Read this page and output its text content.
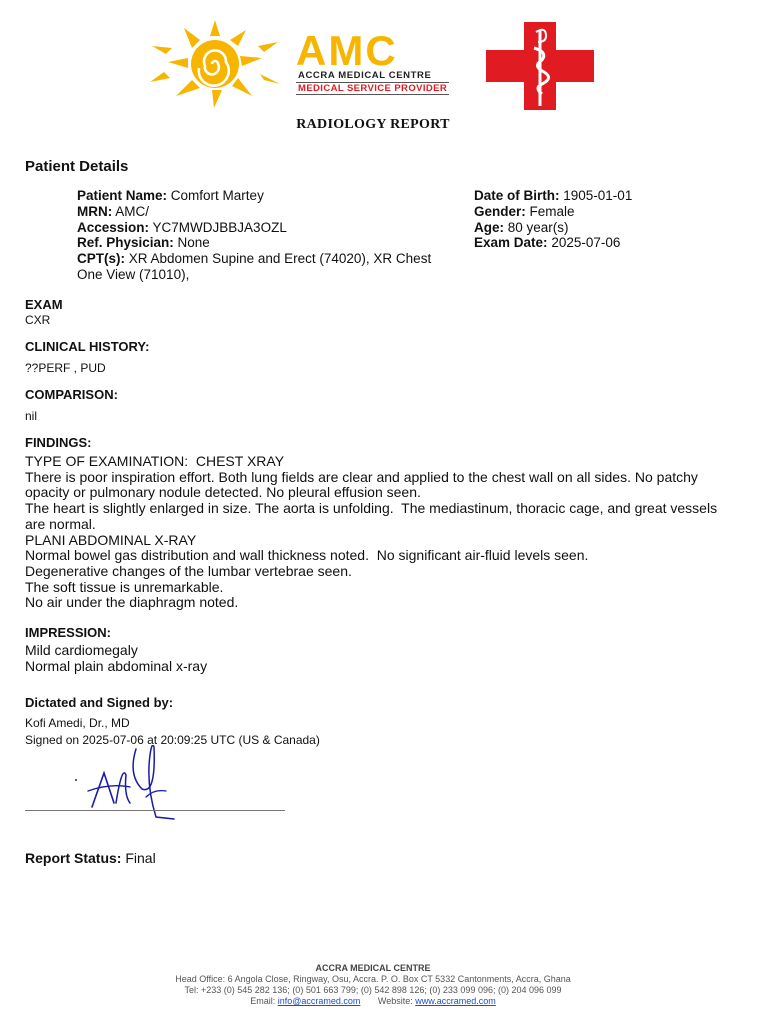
AMC
ACCRA MEDICAL CENTRE
MEDICAL SERVICE PROVIDER
RADIOLOGY REPORT
Patient Details
Patient Name: Comfort Martey
MRN: AMC/
Accession: YC7MWDJBBJA3OZL
Ref. Physician: None
CPT(s): XR Abdomen Supine and Erect (74020), XR Chest
One View (71010),
Date of Birth: 1905-01-01
Gender: Female
Age: 80 year(s)
Exam Date: 2025-07-06
EXAM
CXR
CLINICAL HISTORY:
??PERF , PUD
COMPARISON:
nil
FINDINGS:
TYPE OF EXAMINATION:  CHEST XRAY
There is poor inspiration effort. Both lung fields are clear and applied to the chest wall on all sides. No patchy
opacity or pulmonary nodule detected. No pleural effusion seen.
The heart is slightly enlarged in size. The aorta is unfolding.  The mediastinum, thoracic cage, and great vessels
are normal.
PLANI ABDOMINAL X-RAY
Normal bowel gas distribution and wall thickness noted.  No significant air-fluid levels seen.
Degenerative changes of the lumbar vertebrae seen.
The soft tissue is unremarkable.
No air under the diaphragm noted.
IMPRESSION:
Mild cardiomegaly
Normal plain abdominal x-ray
Dictated and Signed by:
Kofi Amedi, Dr., MD
Signed on 2025-07-06 at 20:09:25 UTC (US & Canada)
Report Status: Final
ACCRA MEDICAL CENTRE
Head Office: 6 Angola Close, Ringway, Osu, Accra. P. O. Box CT 5332 Cantonments, Accra, Ghana
Tel: +233 (0) 545 282 136; (0) 501 663 799; (0) 542 898 126; (0) 233 099 096; (0) 204 096 099
Email: info@accramed.com Website: www.accramed.com
